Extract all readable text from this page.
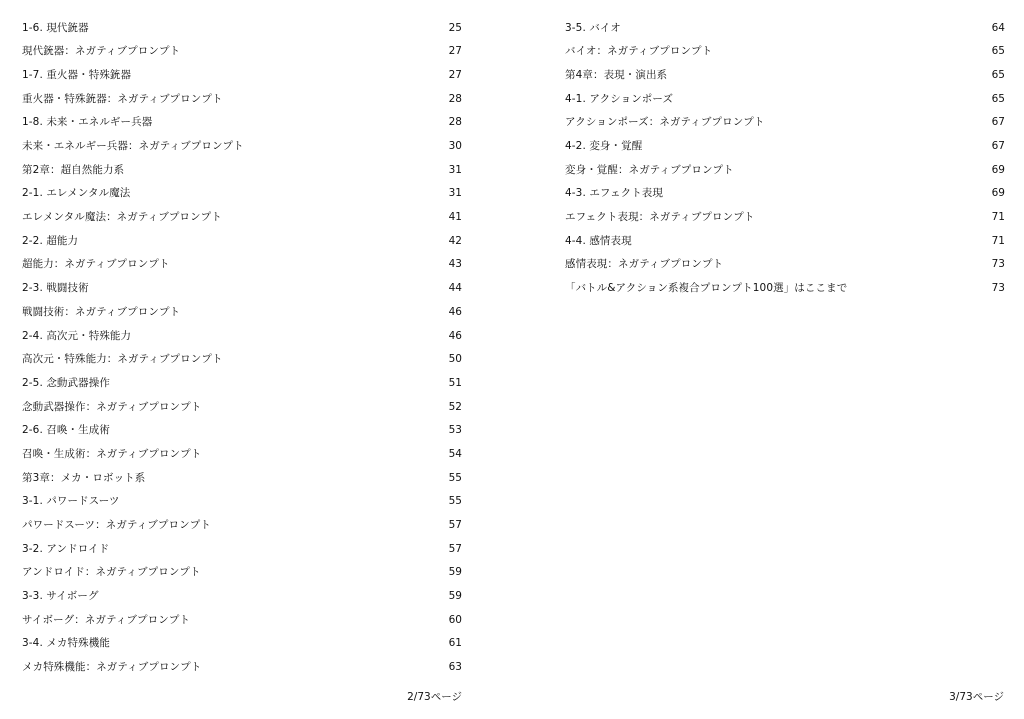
1-6. 現代銃器	25
現代銃器：ネガティブプロンプト	27
1-7. 重火器・特殊銃器	27
重火器・特殊銃器：ネガティブプロンプト	28
1-8. 未来・エネルギー兵器	28
未来・エネルギー兵器：ネガティブプロンプト	30
第2章：超自然能力系	31
2-1. エレメンタル魔法	31
エレメンタル魔法：ネガティブプロンプト	41
2-2. 超能力	42
超能力：ネガティブプロンプト	43
2-3. 戦闘技術	44
戦闘技術：ネガティブプロンプト	46
2-4. 高次元・特殊能力	46
高次元・特殊能力：ネガティブプロンプト	50
2-5. 念動武器操作	51
念動武器操作：ネガティブプロンプト	52
2-6. 召喚・生成術	53
召喚・生成術：ネガティブプロンプト	54
第3章：メカ・ロボット系	55
3-1. パワードスーツ	55
パワードスーツ：ネガティブプロンプト	57
3-2. アンドロイド	57
アンドロイド：ネガティブプロンプト	59
3-3. サイボーグ	59
サイボーグ：ネガティブプロンプト	60
3-4. メカ特殊機能	61
メカ特殊機能：ネガティブプロンプト	63
2/73ページ
3-5. バイオ	64
バイオ：ネガティブプロンプト	65
第4章：表現・演出系	65
4-1. アクションポーズ	65
アクションポーズ：ネガティブプロンプト	67
4-2. 変身・覚醒	67
変身・覚醒：ネガティブプロンプト	69
4-3. エフェクト表現	69
エフェクト表現：ネガティブプロンプト	71
4-4. 感情表現	71
感情表現：ネガティブプロンプト	73
「バトル&アクション系複合プロンプト100選」はここまで	73
3/73ページ
